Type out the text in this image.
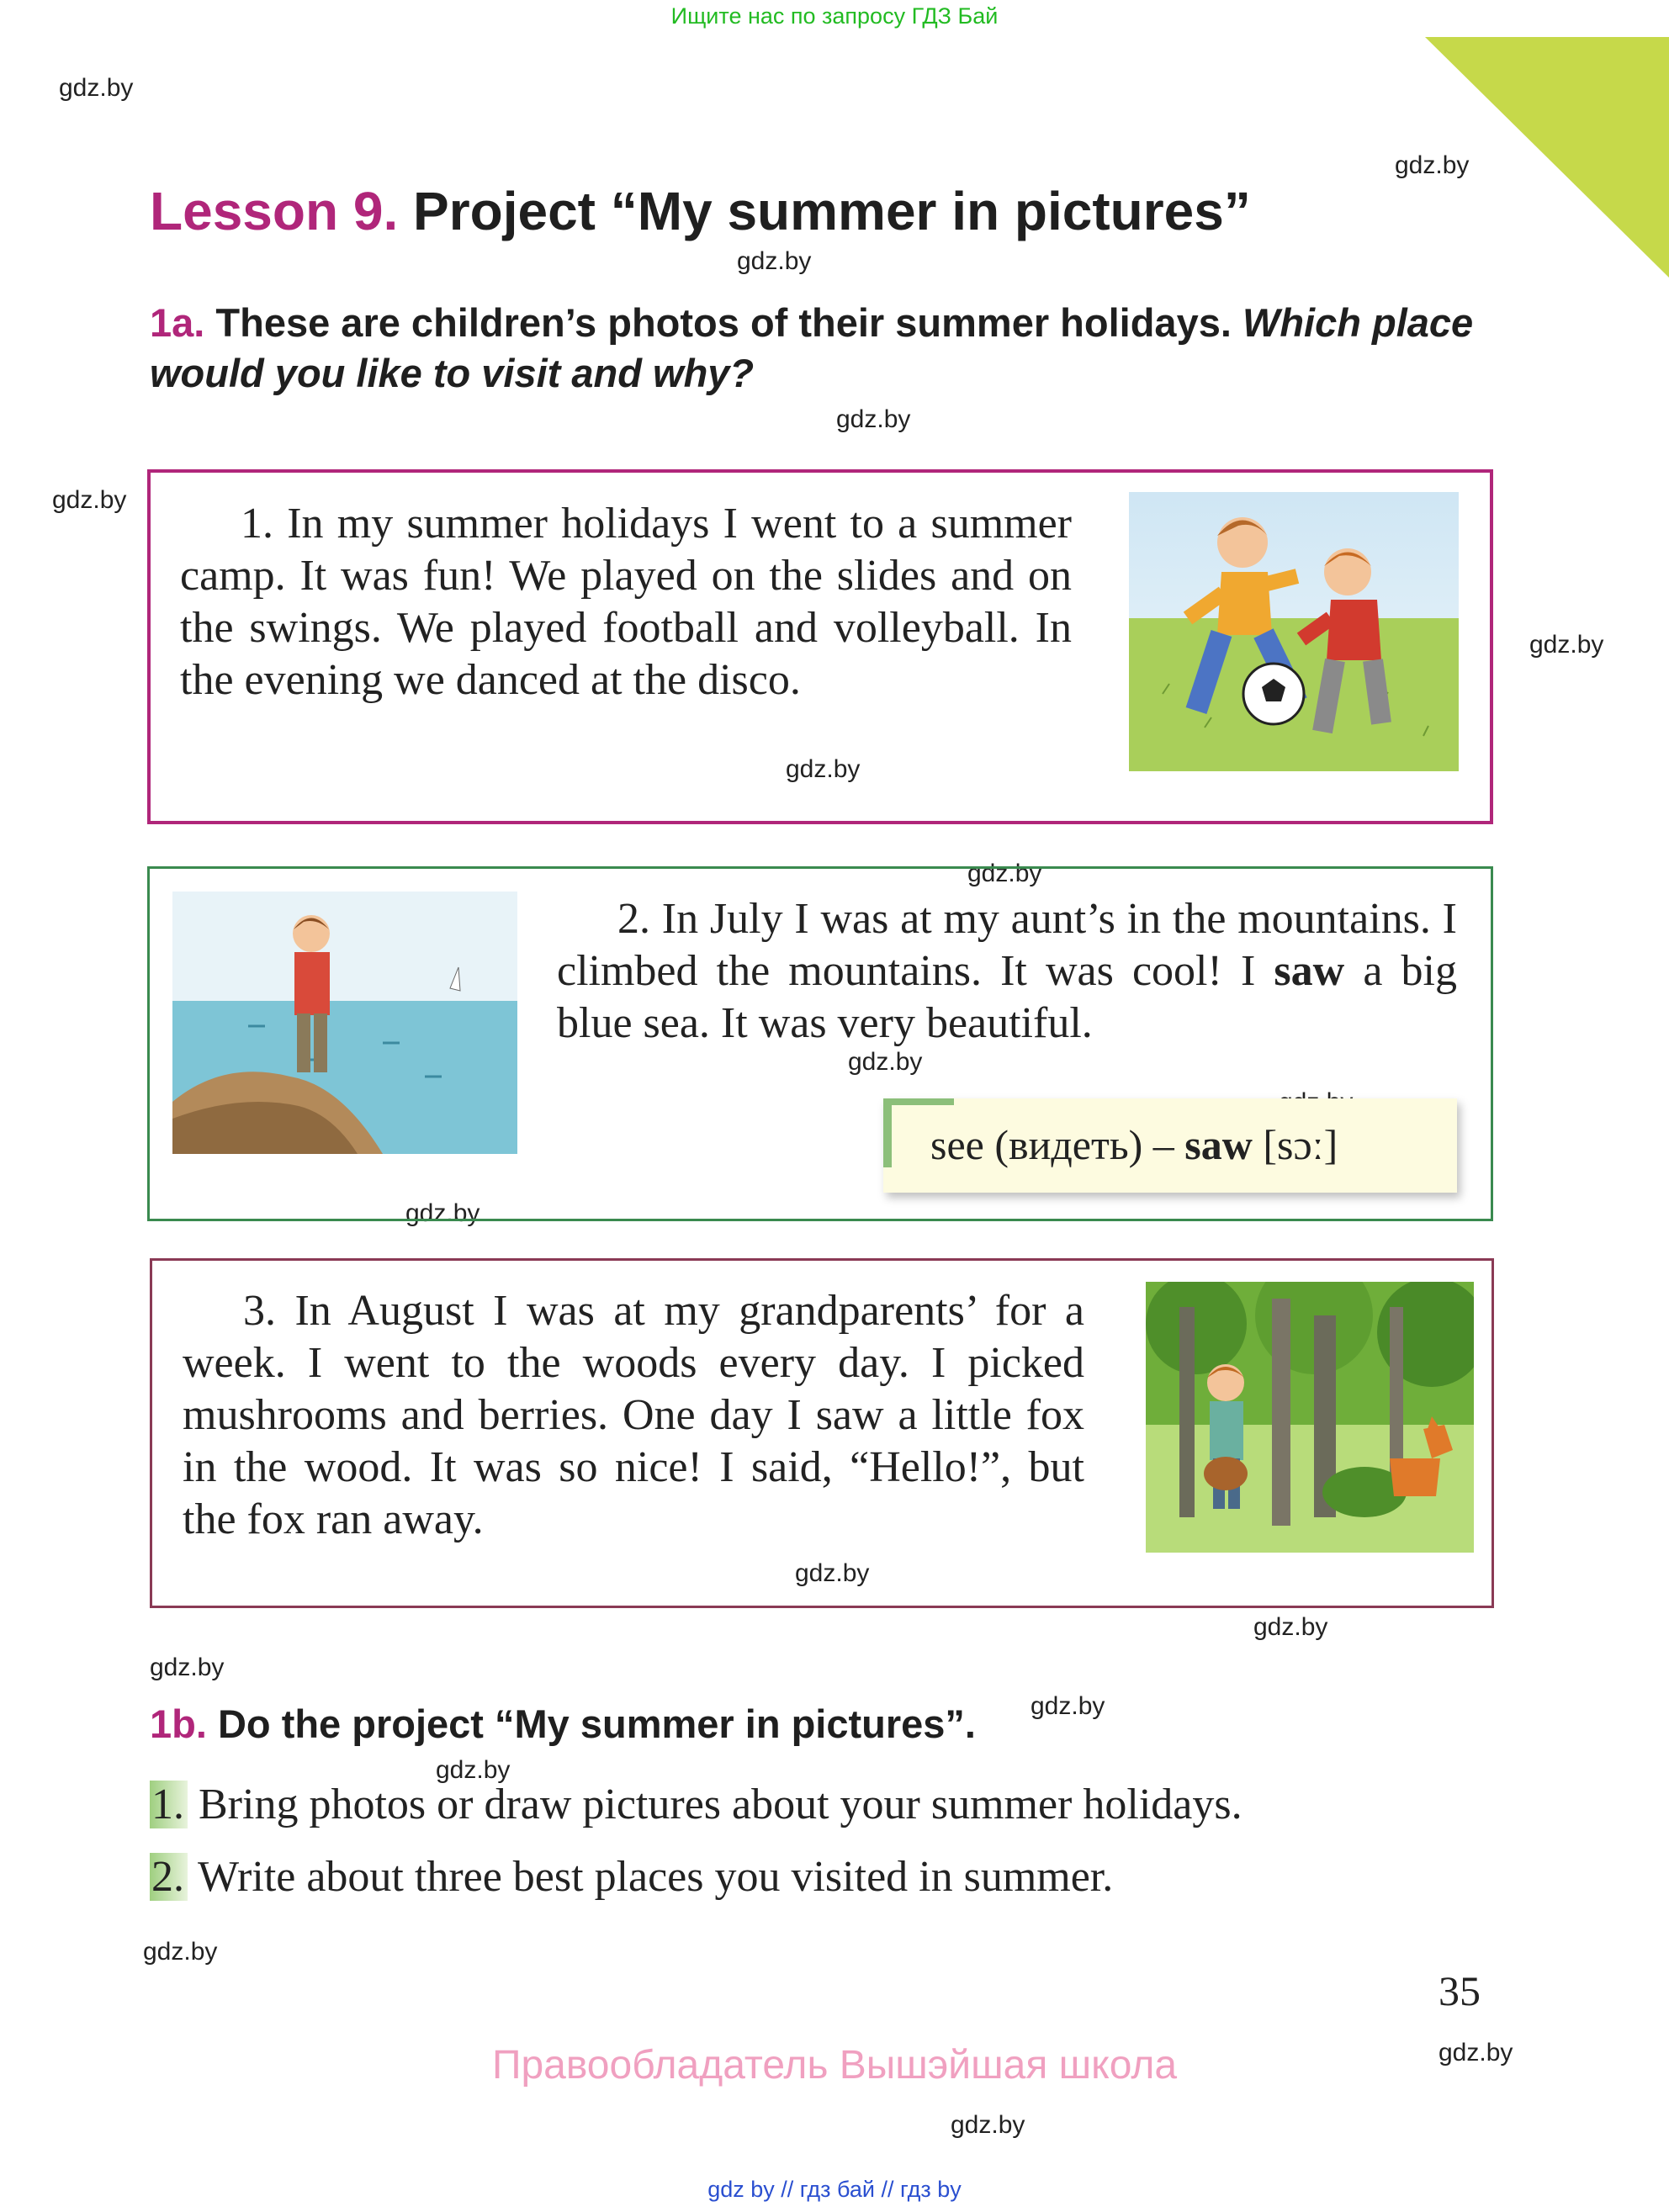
Ищите нас по запросу ГДЗ Бай
gdz.by
gdz.by
gdz.by
gdz.by
gdz.by
gdz.by
gdz.by
gdz.by
gdz.by
gdz.by
gdz.by
gdz.by
gdz.by
gdz.by
gdz.by
gdz.by
gdz.by
gdz.by
Lesson 9. Project “My summer in pictures”
1a. These are children’s photos of their summer holidays. Which place would you like to visit and why?
1. In my summer holidays I went to a summer camp. It was fun! We played on the slides and on the swings. We played football and volleyball. In the evening we danced at the disco.
2. In July I was at my aunt’s in the mountains. I climbed the mountains. It was cool! I saw a big blue sea. It was very beautiful.
see (видеть) – saw [sɔː]
3. In August I was at my grandparents’ for a week. I went to the woods every day. I picked mushrooms and berries. One day I saw a little fox in the wood. It was so nice! I said, “Hello!”, but the fox ran away.
1b. Do the project “My summer in pictures”.
1. Bring photos or draw pictures about your summer holidays.
2. Write about three best places you visited in summer.
35
Правообладатель Вышэйшая школа
gdz by // гдз бай // гдз by
